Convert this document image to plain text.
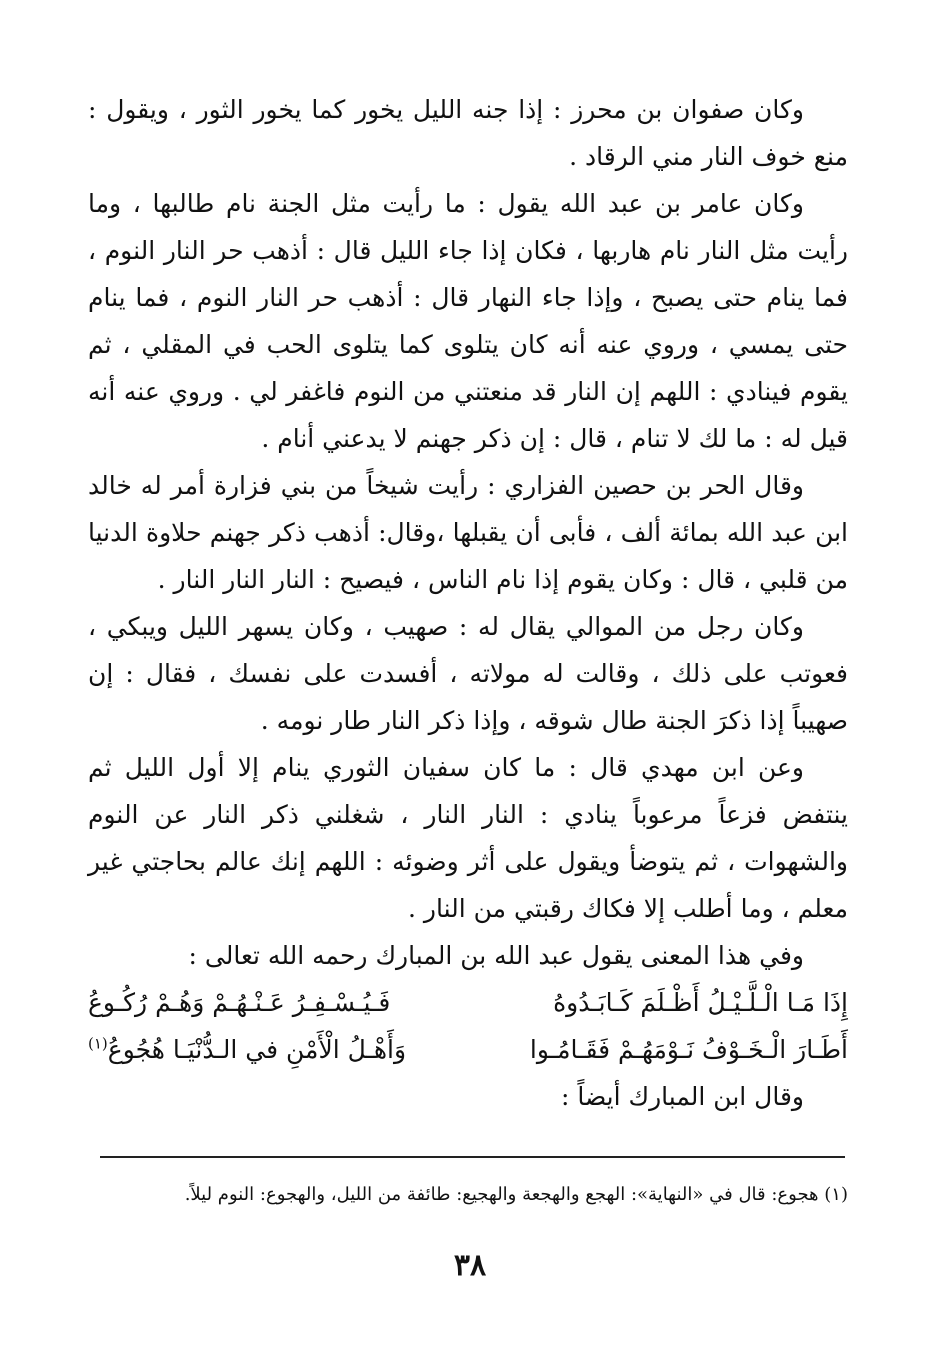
وكان صفوان بن محرز : إذا جنه الليل يخور كما يخور الثور ، ويقول : منع خوف النار مني الرقاد .

وكان عامر بن عبد الله يقول : ما رأيت مثل الجنة نام طالبها ، وما رأيت مثل النار نام هاربها ، فكان إذا جاء الليل قال : أذهب حر النار النوم ، فما ينام حتى يصبح ، وإذا جاء النهار قال : أذهب حر النار النوم ، فما ينام حتى يمسي ، وروي عنه أنه كان يتلوى كما يتلوى الحب في المقلي ، ثم يقوم فينادي : اللهم إن النار قد منعتني من النوم فاغفر لي . وروي عنه أنه قيل له : ما لك لا تنام ، قال : إن ذكر جهنم لا يدعني أنام .

وقال الحر بن حصين الفزاري : رأيت شيخاً من بني فزارة أمر له خالد ابن عبد الله بمائة ألف ، فأبى أن يقبلها ،وقال: أذهب ذكر جهنم حلاوة الدنيا من قلبي ، قال : وكان يقوم إذا نام الناس ، فيصيح : النار النار النار .

وكان رجل من الموالي يقال له : صهيب ، وكان يسهر الليل ويبكي ، فعوتب على ذلك ، وقالت له مولاته ، أفسدت على نفسك ، فقال : إن صهيباً إذا ذكرَ الجنة طال شوقه ، وإذا ذكر النار طار نومه .

وعن ابن مهدي قال : ما كان سفيان الثوري ينام إلا أول الليل ثم ينتفض فزعاً مرعوباً ينادي : النار النار ، شغلني ذكر النار عن النوم والشهوات ، ثم يتوضأ ويقول على أثر وضوئه : اللهم إنك عالم بحاجتي غير معلم ، وما أطلب إلا فكاك رقبتي من النار .

وفي هذا المعنى يقول عبد الله بن المبارك رحمه الله تعالى :

إِذَا مَـا الْـلَّـيْـلُ أَظْـلَمَ كَـابَـدُوهُ
فَـيُـسْـفِـرُ عَـنْـهُـمْ وَهُـمْ رُكُـوعُ
أَطَـارَ الْـخَـوْفُ نَـوْمَهُـمْ فَقَـامُـوا
وَأَهْـلُ الْأَمْنِ في الـدُّنْيَـا هُجُوعُ$^{(١)}$

وقال ابن المبارك أيضاً :

(١) هجوع: قال في «النهاية»: الهجع والهجعة والهجيع: طائفة من الليل، والهجوع: النوم ليلاً.
٣٨
